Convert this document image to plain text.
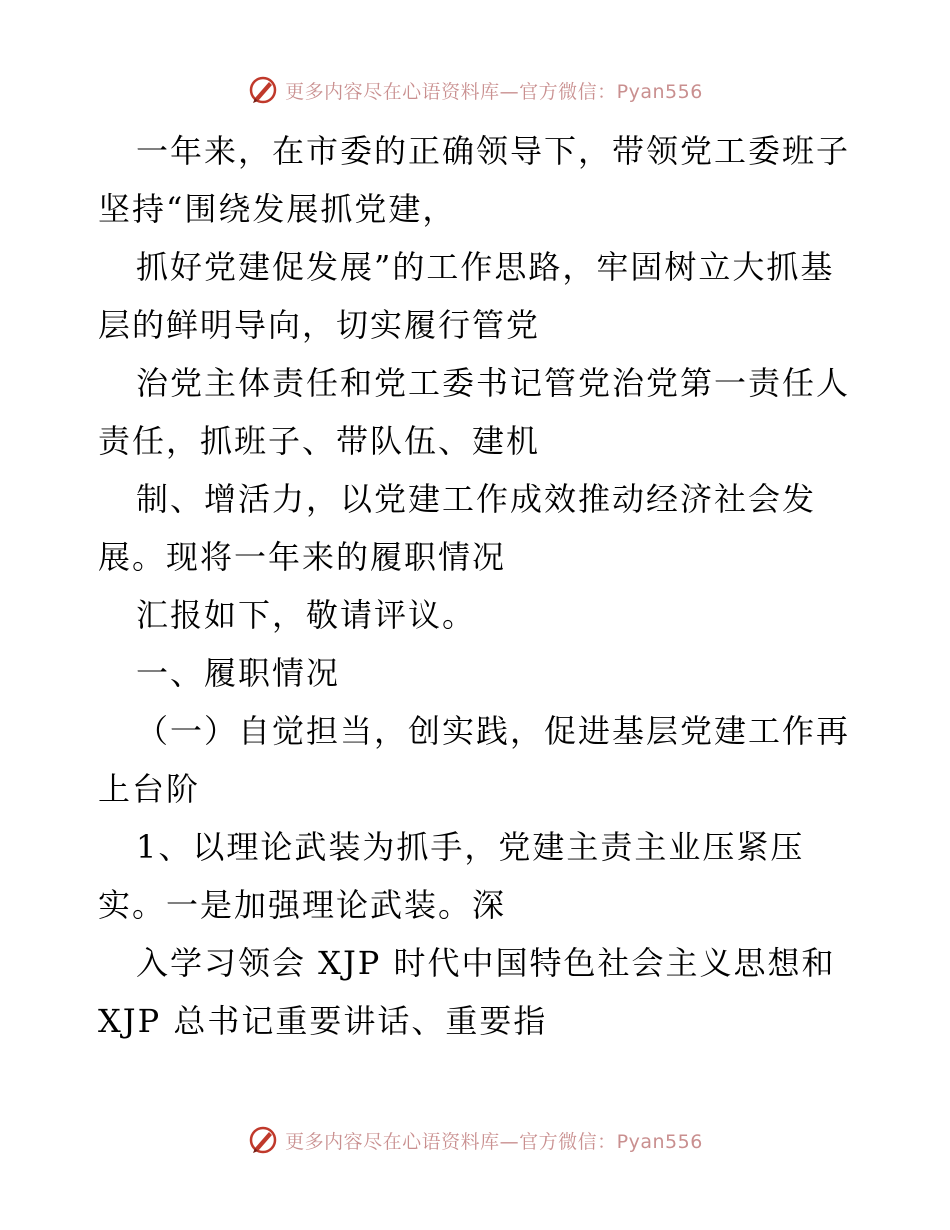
更多内容尽在心语资料库—官方微信：Pyan556
一年来，在市委的正确领导下，带领党工委班子
坚持“围绕发展抓党建，
抓好党建促发展”的工作思路，牢固树立大抓基
层的鲜明导向，切实履行管党
治党主体责任和党工委书记管党治党第一责任人
责任，抓班子、带队伍、建机
制、增活力，以党建工作成效推动经济社会发
展。现将一年来的履职情况
汇报如下，敬请评议。
一、履职情况
（一）自觉担当，创实践，促进基层党建工作再
上台阶
1、以理论武装为抓手，党建主责主业压紧压
实。一是加强理论武装。深
入学习领会 XJP 时代中国特色社会主义思想和
XJP 总书记重要讲话、重要指
更多内容尽在心语资料库—官方微信：Pyan556
